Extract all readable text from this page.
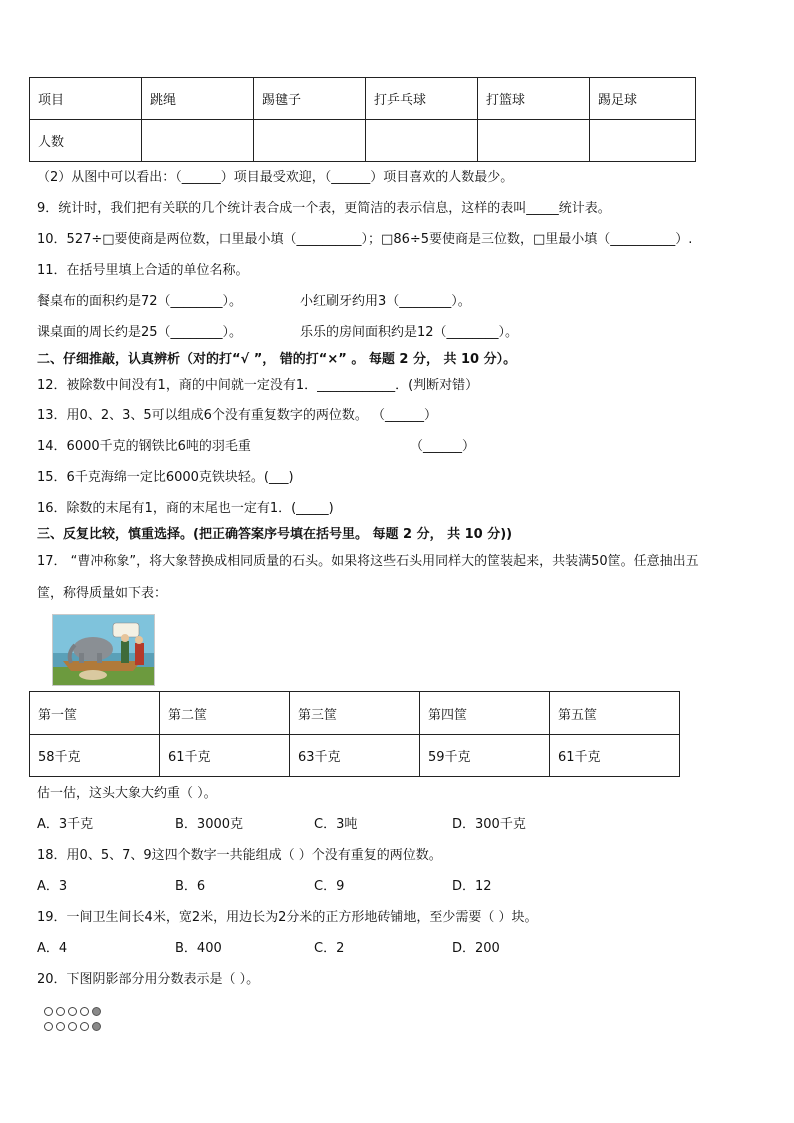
项目	跳绳	踢毽子	打乒乓球	打篮球	踢足球
人数					
（2）从图中可以看出：（______）项目最受欢迎，（______）项目喜欢的人数最少。
9．统计时，我们把有关联的几个统计表合成一个表，更简洁的表示信息，这样的表叫_____统计表。
10．527÷□要使商是两位数，口里最小填（__________）；□86÷5要使商是三位数，□里最小填（__________）.
11．在括号里填上合适的单位名称。
餐桌布的面积约是72（________）。	小红刷牙约用3（________）。
课桌面的周长约是25（________）。	乐乐的房间面积约是12（________）。
二、仔细推敲，认真辨析（对的打“√ ”， 错的打“×” 。 每题 2 分， 共 10 分）。
12．被除数中间没有1，商的中间就一定没有1．____________．(判断对错）
13．用0、2、3、5可以组成6个没有重复数字的两位数。 （______）
14．6000千克的钢铁比6吨的羽毛重	（______）
15．6千克海绵一定比6000克铁块轻。(___)
16．除数的末尾有1，商的末尾也一定有1．(_____)
三、反复比较，慎重选择。(把正确答案序号填在括号里。 每题 2 分， 共 10 分))
17． “曹冲称象”，将大象替换成相同质量的石头。如果将这些石头用同样大的筐装起来，共装满50筐。任意抽出五
筐，称得质量如下表：
第一筐	第二筐	第三筐	第四筐	第五筐
58千克	61千克	63千克	59千克	61千克
估一估，这头大象大约重（ ）。
A．3千克	B．3000克	C．3吨	D．300千克
18．用0、5、7、9这四个数字一共能组成（ ）个没有重复的两位数。
A．3	B．6	C．9	D．12
19．一间卫生间长4米，宽2米，用边长为2分米的正方形地砖铺地，至少需要（ ）块。
A．4	B．400	C．2	D．200
20．下图阴影部分用分数表示是（ ）。
